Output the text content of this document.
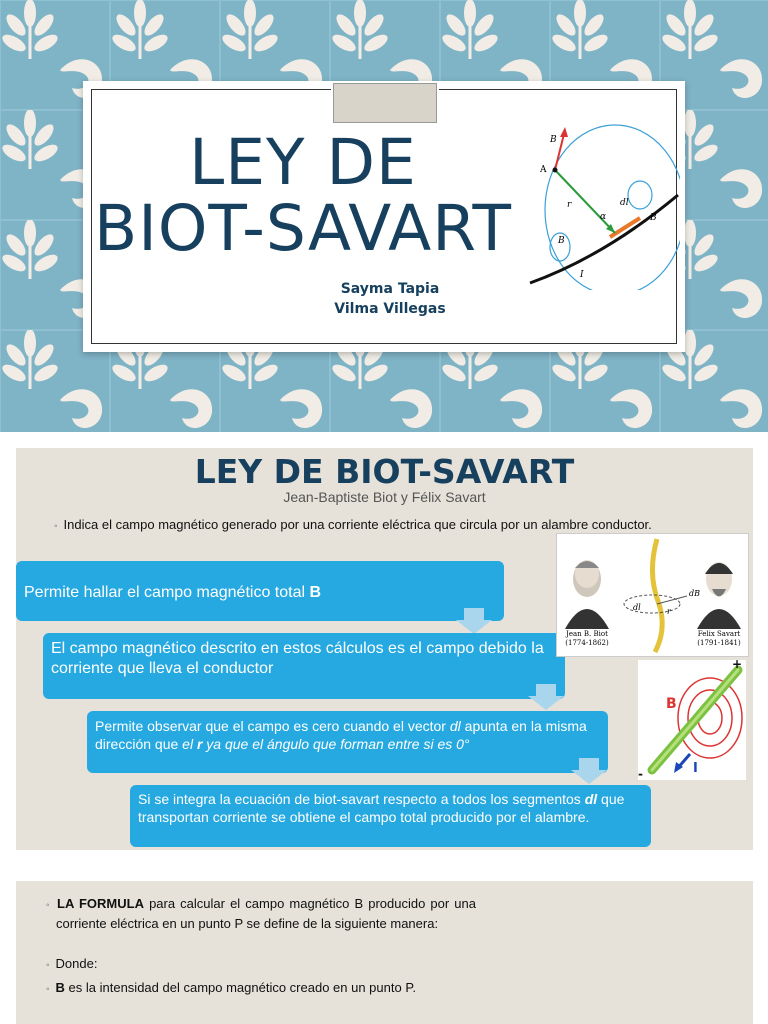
LEY DE
BIOT-SAVART
Sayma Tapia
Vilma Villegas
B
A
r
α
dl
B
B
I
LEY DE BIOT-SAVART
Jean-Baptiste Biot y Félix Savart
◦ Indica el campo magnético generado por una corriente eléctrica que circula por un alambre conductor.
Permite hallar el campo magnético total B
El campo magnético descrito en estos cálculos es el campo debido la corriente que lleva el conductor
Permite observar que el campo es cero cuando el vector dl apunta en la misma dirección que el r ya que el ángulo que forman entre si es 0°
Si se integra la ecuación de biot-savart respecto a todos los segmentos dl que transportan corriente se obtiene el campo total producido por el alambre.
dB
dl	r
Jean B. Biot
(1774-1862)
Felix Savart
(1791-1841)
B
I
+
-
◦ LA FORMULA para calcular el campo magnético B producido por una corriente eléctrica en un punto P se define de la siguiente manera:
◦ Donde:
◦ B es la intensidad del campo magnético creado en un punto P.
